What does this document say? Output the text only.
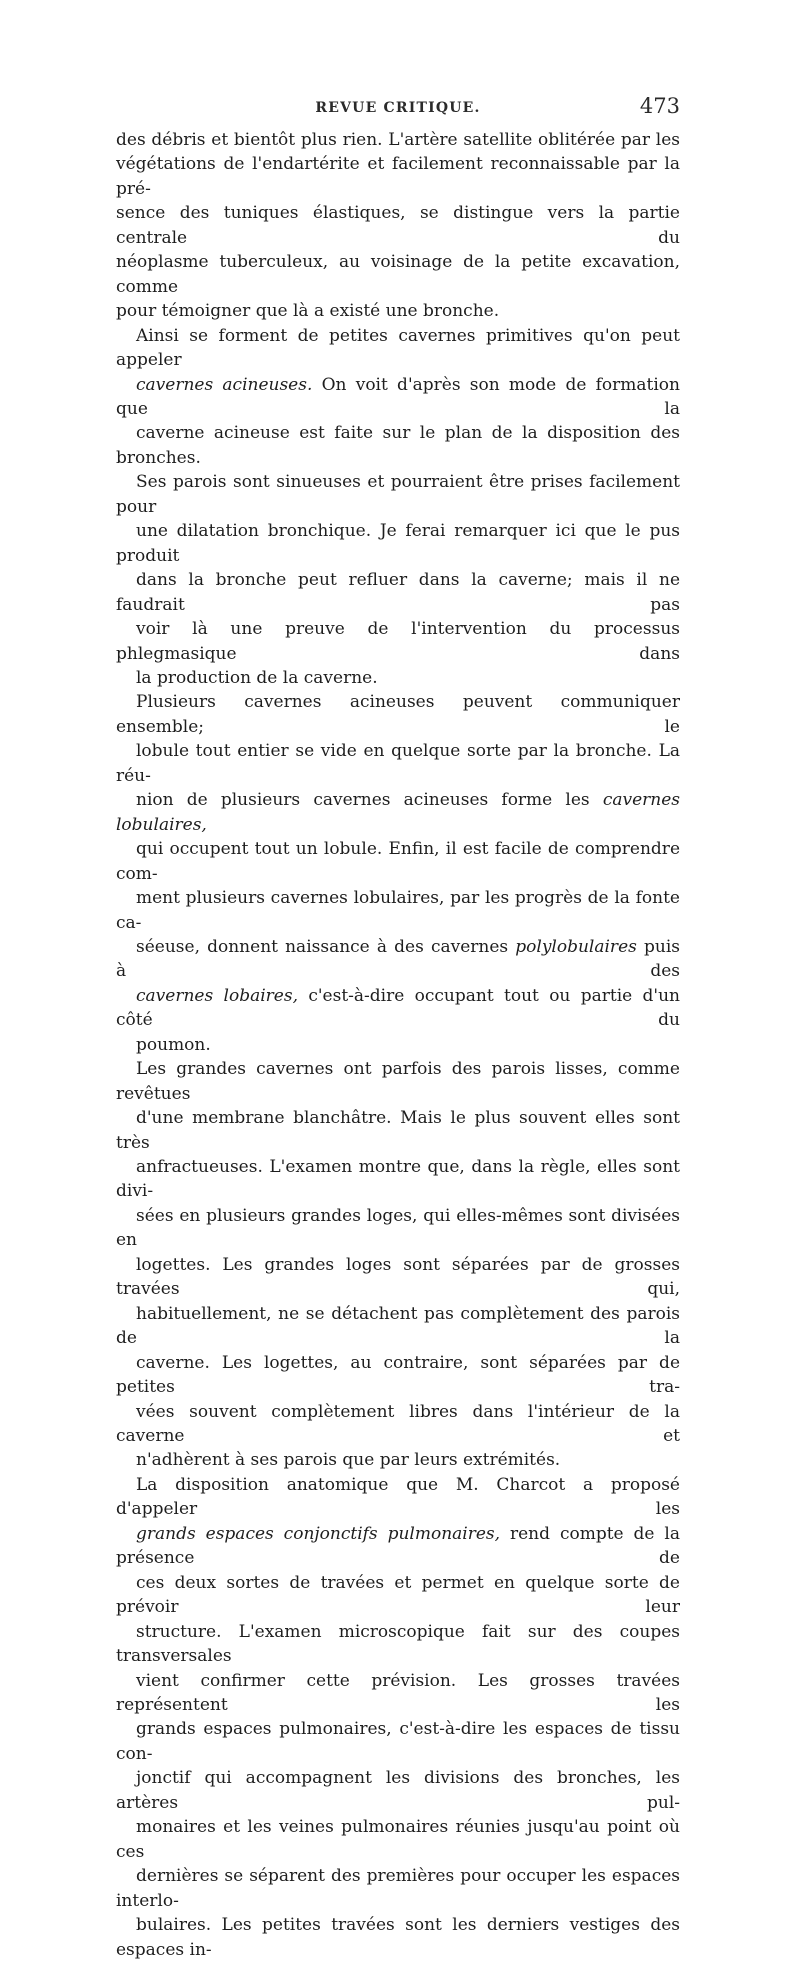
REVUE CRITIQUE.	473

des débris et bientôt plus rien. L'artère satellite oblitérée par les
végétations de l'endartérite et facilement reconnaissable par la pré-
sence des tuniques élastiques, se distingue vers la partie centrale du
néoplasme tuberculeux, au voisinage de la petite excavation, comme
pour témoigner que là a existé une bronche.

Ainsi se forment de petites cavernes primitives qu'on peut appeler
cavernes acineuses. On voit d'après son mode de formation que la
caverne acineuse est faite sur le plan de la disposition des bronches.
Ses parois sont sinueuses et pourraient être prises facilement pour
une dilatation bronchique. Je ferai remarquer ici que le pus produit
dans la bronche peut refluer dans la caverne; mais il ne faudrait pas
voir là une preuve de l'intervention du processus phlegmasique dans
la production de la caverne.

Plusieurs cavernes acineuses peuvent communiquer ensemble; le
lobule tout entier se vide en quelque sorte par la bronche. La réu-
nion de plusieurs cavernes acineuses forme les cavernes lobulaires,
qui occupent tout un lobule. Enfin, il est facile de comprendre com-
ment plusieurs cavernes lobulaires, par les progrès de la fonte ca-
séeuse, donnent naissance à des cavernes polylobulaires puis à des
cavernes lobaires, c'est-à-dire occupant tout ou partie d'un côté du
poumon.

Les grandes cavernes ont parfois des parois lisses, comme revêtues
d'une membrane blanchâtre. Mais le plus souvent elles sont très
anfractueuses. L'examen montre que, dans la règle, elles sont divi-
sées en plusieurs grandes loges, qui elles-mêmes sont divisées en
logettes. Les grandes loges sont séparées par de grosses travées qui,
habituellement, ne se détachent pas complètement des parois de la
caverne. Les logettes, au contraire, sont séparées par de petites tra-
vées souvent complètement libres dans l'intérieur de la caverne et
n'adhèrent à ses parois que par leurs extrémités.

La disposition anatomique que M. Charcot a proposé d'appeler les
grands espaces conjonctifs pulmonaires, rend compte de la présence de
ces deux sortes de travées et permet en quelque sorte de prévoir leur
structure. L'examen microscopique fait sur des coupes transversales
vient confirmer cette prévision. Les grosses travées représentent les
grands espaces pulmonaires, c'est-à-dire les espaces de tissu con-
jonctif qui accompagnent les divisions des bronches, les artères pul-
monaires et les veines pulmonaires réunies jusqu'au point où ces
dernières se séparent des premières pour occuper les espaces interlo-
bulaires. Les petites travées sont les derniers vestiges des espaces in-
